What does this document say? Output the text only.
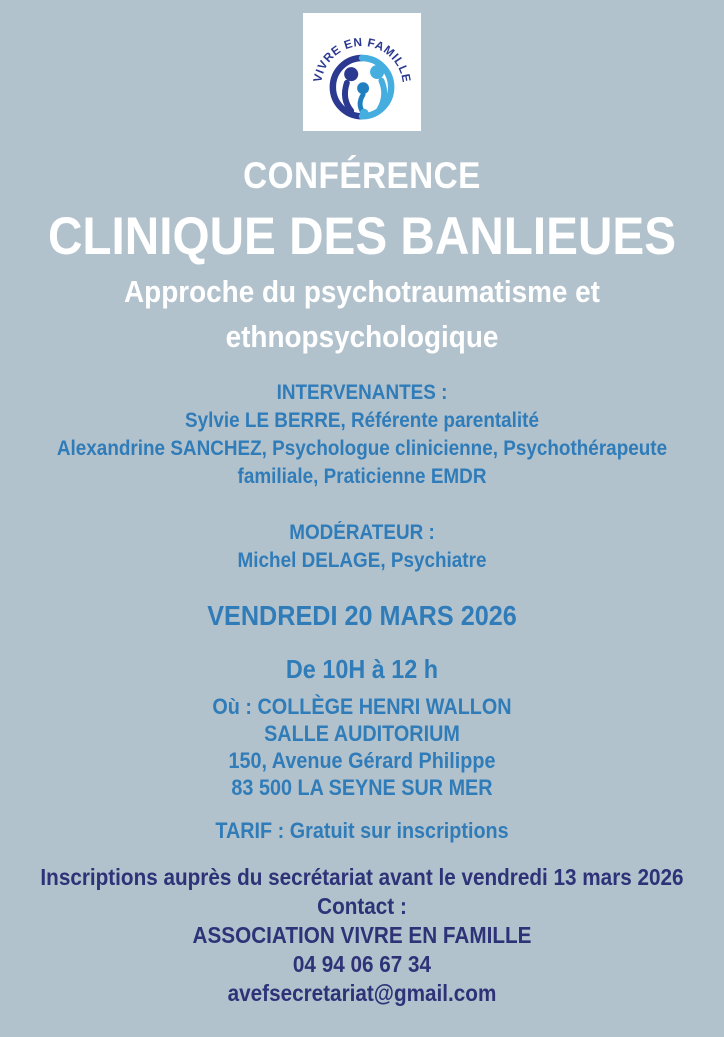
VIVRE EN FAMILLE
CONFÉRENCE
CLINIQUE DES BANLIEUES
Approche du psychotraumatisme et
ethnopsychologique
INTERVENANTES :
Sylvie LE BERRE, Référente parentalité
Alexandrine SANCHEZ, Psychologue clinicienne, Psychothérapeute
familiale, Praticienne EMDR
MODÉRATEUR :
Michel DELAGE, Psychiatre
VENDREDI 20 MARS 2026
De 10H à 12 h
Où : COLLÈGE HENRI WALLON
SALLE AUDITORIUM
150, Avenue Gérard Philippe
83 500 LA SEYNE SUR MER
TARIF : Gratuit sur inscriptions
Inscriptions auprès du secrétariat avant le vendredi 13 mars 2026
Contact :
ASSOCIATION VIVRE EN FAMILLE
04 94 06 67 34
avefsecretariat@gmail.com
